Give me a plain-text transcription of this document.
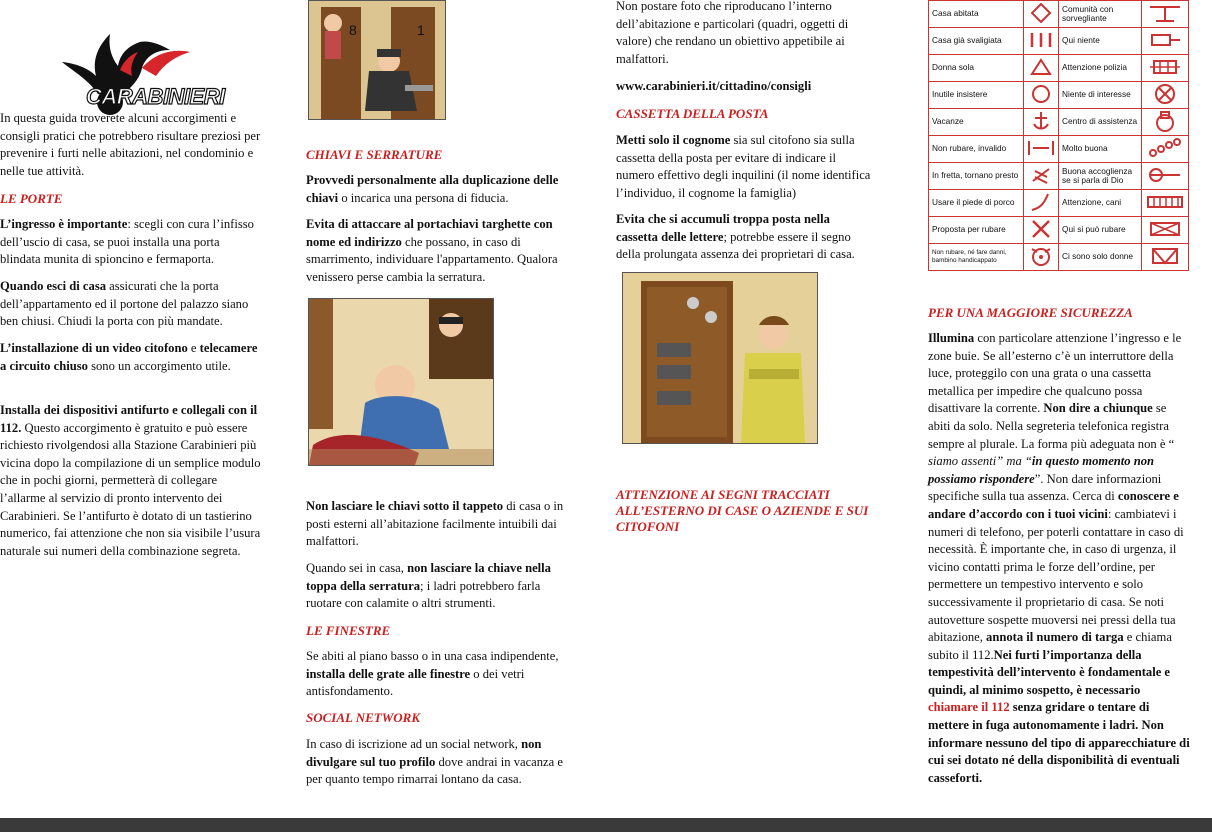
CARABINIERI

In questa guida troverete alcuni accorgimenti e consigli pratici che potrebbero risultare preziosi per prevenire i furti nelle abitazioni, nel condominio e nelle tue attività.

LE PORTE

L’ingresso è importante: scegli con cura l’infisso dell’uscio di casa, se puoi installa una porta blindata munita di spioncino e fermaporta.

Quando esci di casa assicurati che la porta dell’appartamento ed il portone del palazzo siano ben chiusi. Chiudi la porta con più mandate.

L’installazione di un video citofono e telecamere a circuito chiuso sono un accorgimento utile.

Installa dei dispositivi antifurto e collegali con il 112. Questo accorgimento è gratuito e può essere richiesto rivolgendosi alla Stazione Carabinieri più vicina dopo la compilazione di un semplice modulo che in pochi giorni, permetterà di collegare l’allarme al servizio di pronto intervento dei Carabinieri. Se l’antifurto è dotato di un tastierino numerico, fai attenzione che non sia visibile l’usura naturale sui numeri della combinazione segreta.

8	1

CHIAVI E SERRATURE

Provvedi personalmente alla duplicazione delle chiavi o incarica una persona di fiducia.

Evita di attaccare al portachiavi targhette con nome ed indirizzo che possano, in caso di smarrimento, individuare l'appartamento. Qualora venissero perse cambia la serratura.

Non lasciare le chiavi sotto il tappeto di casa o in posti esterni all’abitazione facilmente intuibili dai malfattori.

Quando sei in casa, non lasciare la chiave nella toppa della serratura; i ladri potrebbero farla ruotare con calamite o altri strumenti.

LE FINESTRE

Se abiti al piano basso o in una casa indipendente, installa delle grate alle finestre o dei vetri antisfondamento.

SOCIAL NETWORK

In caso di iscrizione ad un social network, non divulgare sul tuo profilo dove andrai in vacanza e per quanto tempo rimarrai lontano da casa.

Non postare foto che riproducano l’interno dell’abitazione e particolari (quadri, oggetti di valore) che rendano un obiettivo appetibile ai malfattori.

www.carabinieri.it/cittadino/consigli

CASSETTA DELLA POSTA

Metti solo il cognome sia sul citofono sia sulla cassetta della posta per evitare di indicare il numero effettivo degli inquilini (il nome identifica l’individuo, il cognome la famiglia)

Evita che si accumuli troppa posta nella cassetta delle lettere; potrebbe essere il segno della prolungata assenza dei proprietari di casa.

ATTENZIONE AI SEGNI TRACCIATI ALL’ESTERNO DI CASE O AZIENDE E SUI CITOFONI

Casa abitata		Comunità con sorvegliante	
Casa già svaligiata		Qui niente	
Donna sola		Attenzione polizia	
Inutile insistere		Niente di interesse	
Vacanze		Centro di assistenza	
Non rubare, invalido		Molto buona	
In fretta, tornano presto		Buona accoglienza se si parla di Dio	
Usare il piede di porco		Attenzione, cani	
Proposta per rubare		Qui si può rubare	
Non rubare, né fare danni, bambino handicappato		Ci sono solo donne	

PER UNA MAGGIORE SICUREZZA

Illumina con particolare attenzione l’ingresso e le zone buie. Se all’esterno c’è un interruttore della luce, proteggilo con una grata o una cassetta metallica per impedire che qualcuno possa disattivare la corrente. Non dire a chiunque se abiti da solo. Nella segreteria telefonica registra sempre al plurale. La forma più adeguata non è “ siamo assenti” ma “in questo momento non possiamo rispondere”. Non dare informazioni specifiche sulla tua assenza. Cerca di conoscere e andare d’accordo con i tuoi vicini: cambiatevi i numeri di telefono, per poterli contattare in caso di necessità. È importante che, in caso di urgenza, il vicino contatti prima le forze dell’ordine, per permettere un tempestivo intervento e solo successivamente il proprietario di casa. Se noti autovetture sospette muoversi nei pressi della tua abitazione, annota il numero di targa e chiama subito il 112.Nei furti l’importanza della tempestività dell’intervento è fondamentale e quindi, al minimo sospetto, è necessario chiamare il 112 senza gridare o tentare di mettere in fuga autonomamente i ladri. Non informare nessuno del tipo di apparecchiature di cui sei dotato né della disponibilità di eventuali casseforti.
